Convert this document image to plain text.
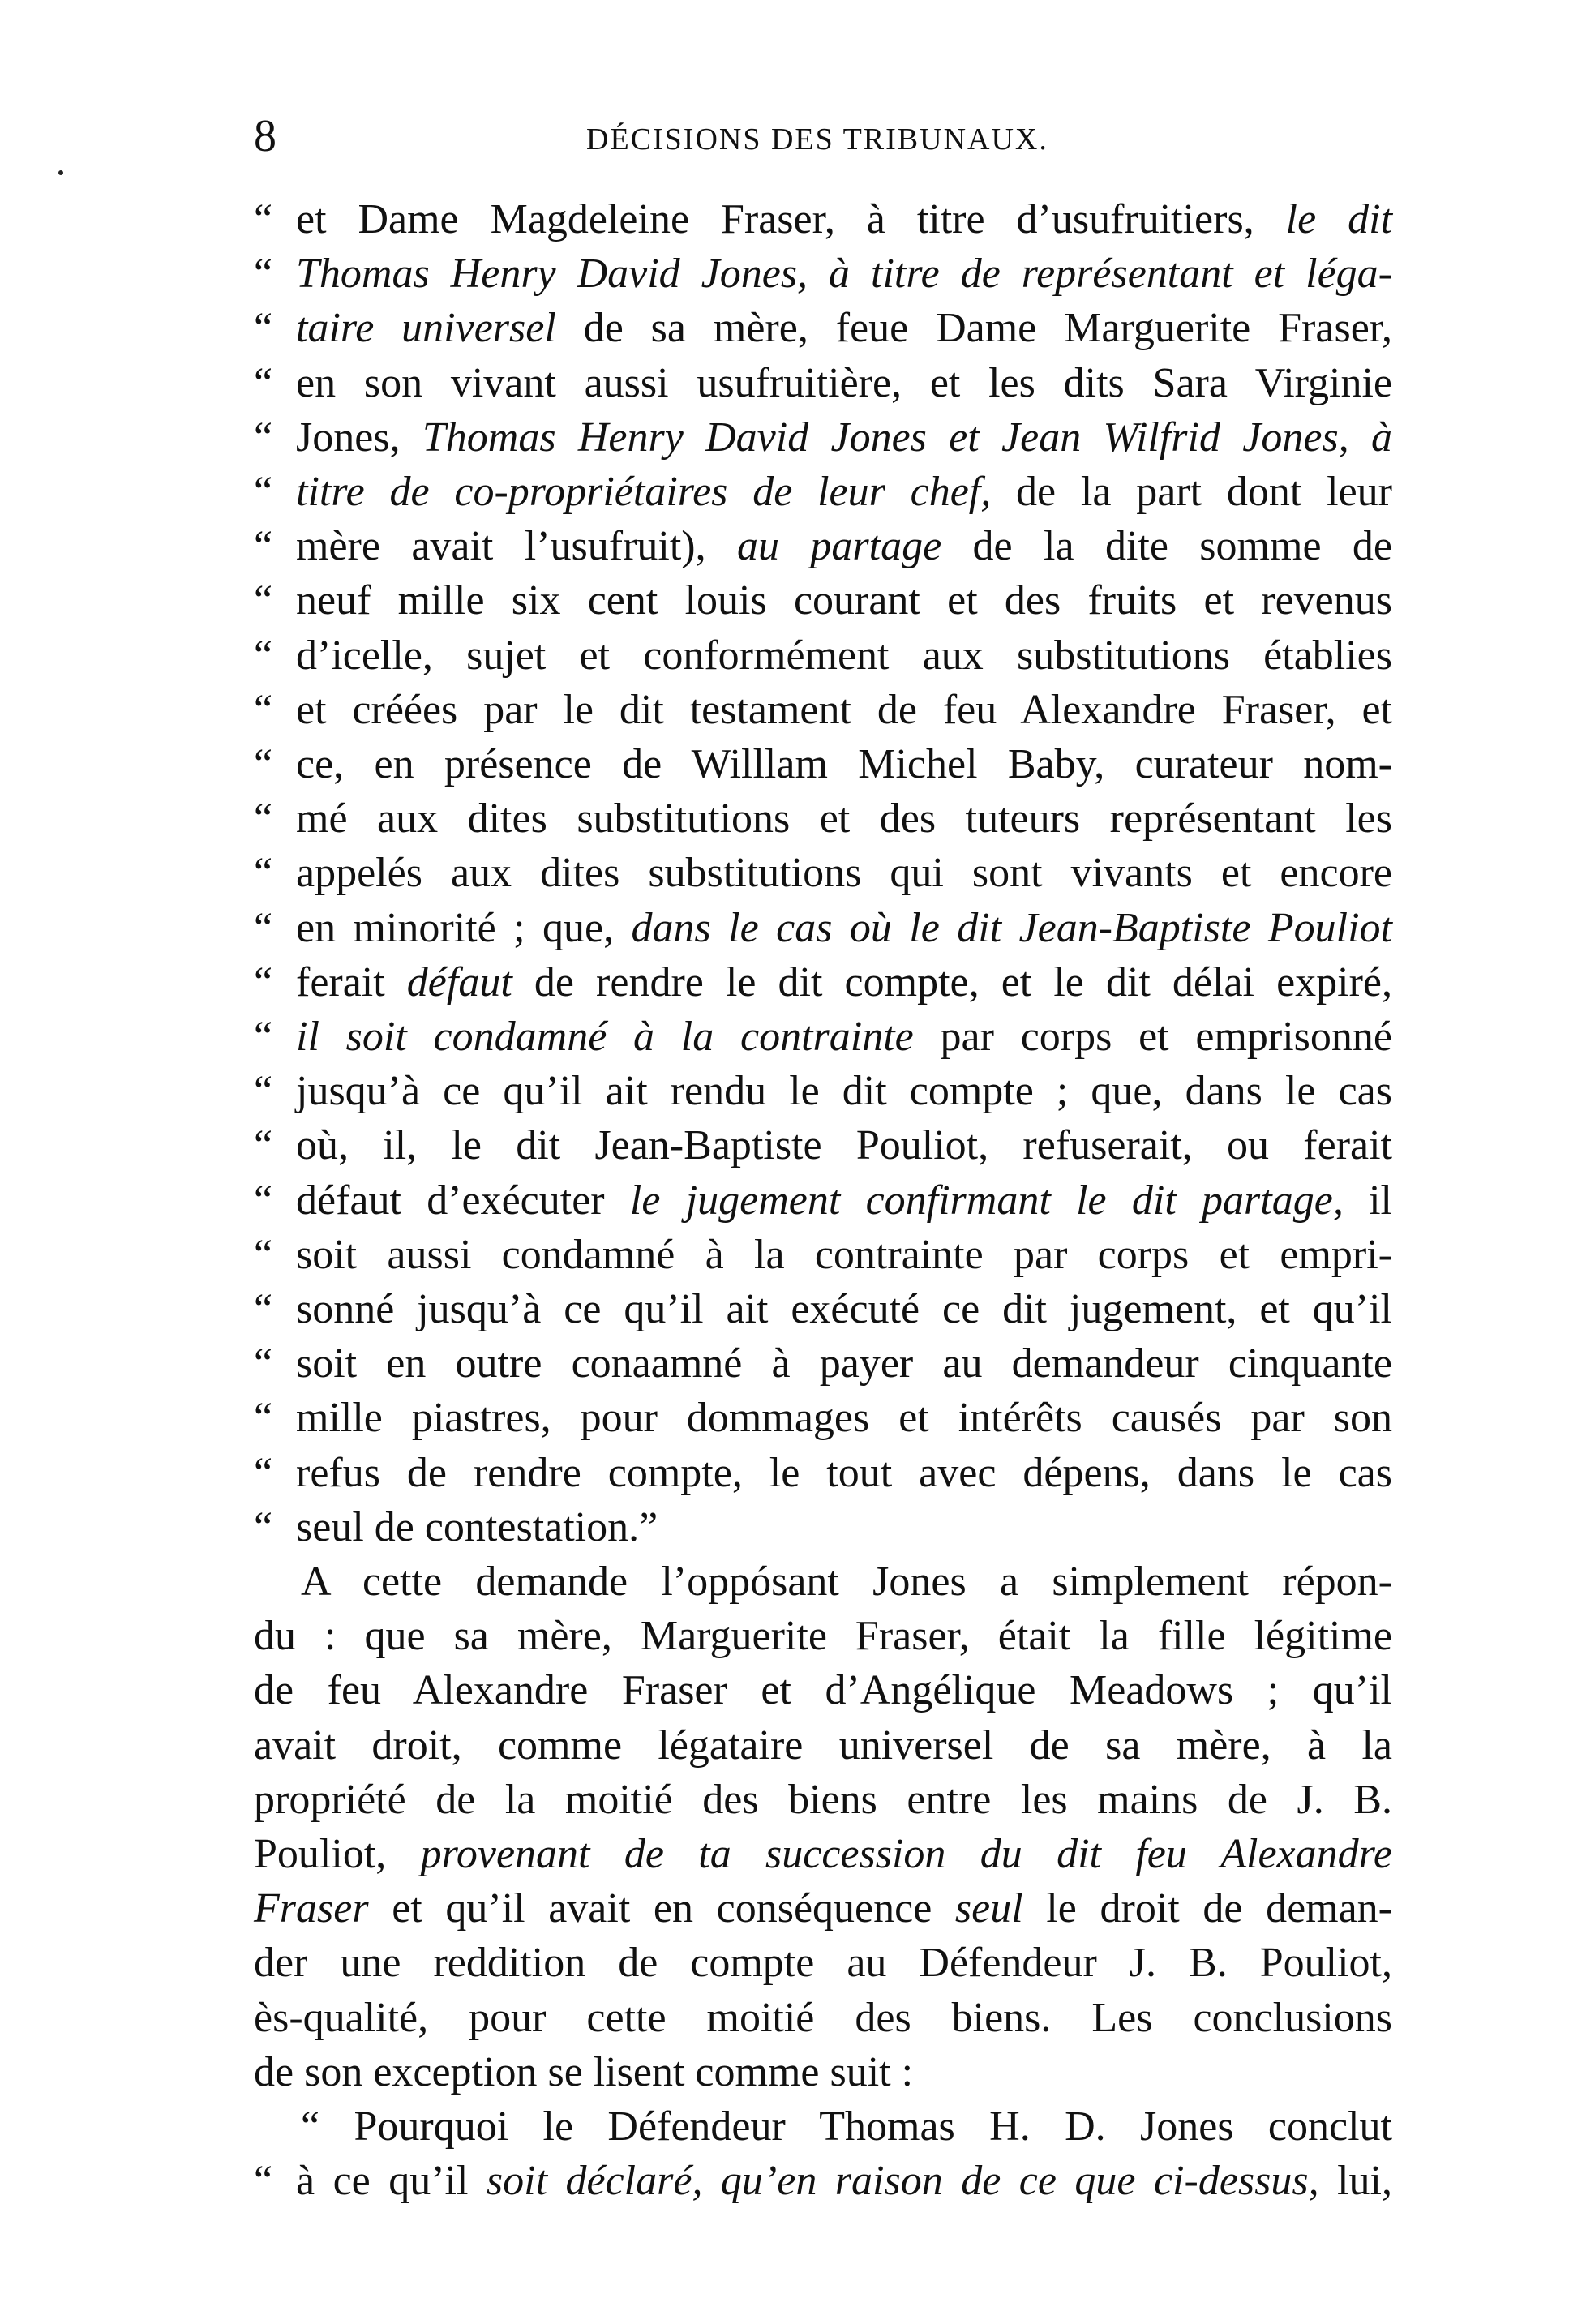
8	DÉCISIONS DES TRIBUNAUX.
“ et Dame Magdeleine Fraser, à titre d’usufruitiers, le dit
“ Thomas Henry David Jones, à titre de représentant et léga-
“ taire universel de sa mère, feue Dame Marguerite Fraser,
“ en son vivant aussi usufruitière, et les dits Sara Virginie
“ Jones, Thomas Henry David Jones et Jean Wilfrid Jones, à
“ titre de co-propriétaires de leur chef, de la part dont leur
“ mère avait l’usufruit), au partage de la dite somme de
“ neuf mille six cent louis courant et des fruits et revenus
“ d’icelle, sujet et conformément aux substitutions établies
“ et créées par le dit testament de feu Alexandre Fraser, et
“ ce, en présence de Willlam Michel Baby, curateur nom-
“ mé aux dites substitutions et des tuteurs représentant les
“ appelés aux dites substitutions qui sont vivants et encore
“ en minorité ; que, dans le cas où le dit Jean-Baptiste Pouliot
“ ferait défaut de rendre le dit compte, et le dit délai expiré,
“ il soit condamné à la contrainte par corps et emprisonné
“ jusqu’à ce qu’il ait rendu le dit compte ; que, dans le cas
“ où, il, le dit Jean-Baptiste Pouliot, refuserait, ou ferait
“ défaut d’exécuter le jugement confirmant le dit partage, il
“ soit aussi condamné à la contrainte par corps et empri-
“ sonné jusqu’à ce qu’il ait exécuté ce dit jugement, et qu’il
“ soit en outre conaamné à payer au demandeur cinquante
“ mille piastres, pour dommages et intérêts causés par son
“ refus de rendre compte, le tout avec dépens, dans le cas
“ seul de contestation.”
A cette demande l’oppósant Jones a simplement répon-
du : que sa mère, Marguerite Fraser, était la fille légitime
de feu Alexandre Fraser et d’Angélique Meadows ; qu’il
avait droit, comme légataire universel de sa mère, à la
propriété de la moitié des biens entre les mains de J. B.
Pouliot, provenant de ta succession du dit feu Alexandre
Fraser et qu’il avait en conséquence seul le droit de deman-
der une reddition de compte au Défendeur J. B. Pouliot,
ès-qualité, pour cette moitié des biens. Les conclusions
de son exception se lisent comme suit :
“ Pourquoi le Défendeur Thomas H. D. Jones conclut
“ à ce qu’il soit déclaré, qu’en raison de ce que ci-dessus, lui,
